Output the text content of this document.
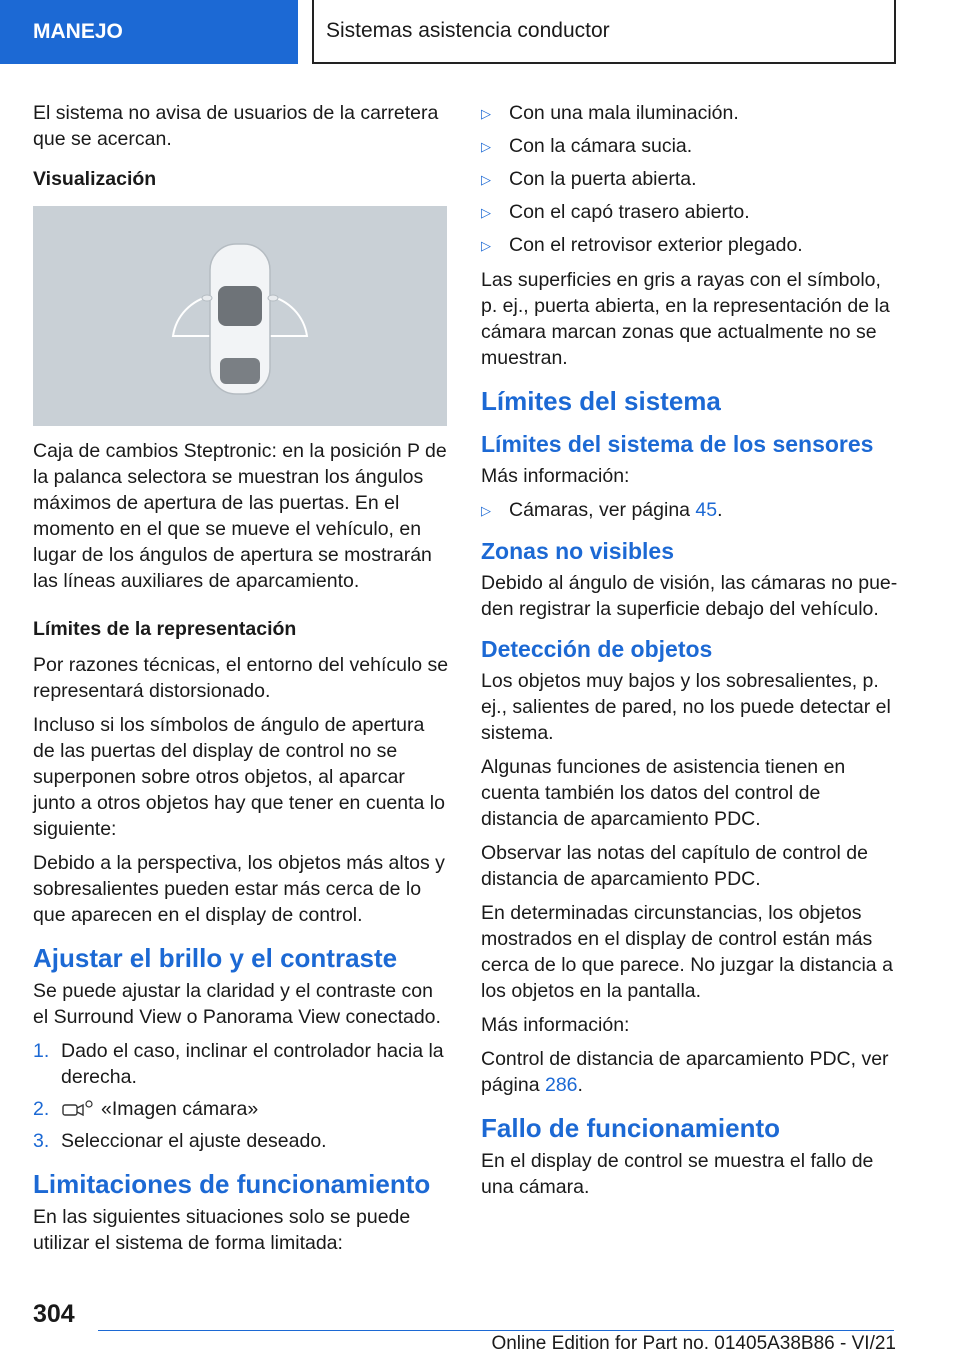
MANEJO	Sistemas asistencia conductor

El sistema no avisa de usuarios de la carretera que se acercan.

Visualización

Caja de cambios Steptronic: en la posición P de la palanca selectora se muestran los ángulos máximos de apertura de las puertas. En el momento en el que se mueve el vehículo, en lugar de los ángulos de apertura se mostrarán las líneas auxiliares de aparcamiento.

Límites de la representación

Por razones técnicas, el entorno del vehículo se representará distorsionado.

Incluso si los símbolos de ángulo de apertura de las puertas del display de control no se superponen sobre otros objetos, al aparcar junto a otros objetos hay que tener en cuenta lo siguiente:

Debido a la perspectiva, los objetos más altos y sobresalientes pueden estar más cerca de lo que aparecen en el display de control.

Ajustar el brillo y el contraste

Se puede ajustar la claridad y el contraste con el Surround View o Panorama View conectado.

1. Dado el caso, inclinar el controlador hacia la derecha.
2.	«Imagen cámara»
3. Seleccionar el ajuste deseado.
Limitaciones de funcionamiento

En las siguientes situaciones solo se puede utilizar el sistema de forma limitada:

▷ Con una mala iluminación.
▷ Con la cámara sucia.
▷ Con la puerta abierta.
▷ Con el capó trasero abierto.
▷ Con el retrovisor exterior plegado.

Las superficies en gris a rayas con el símbolo, p. ej., puerta abierta, en la representación de la cámara marcan zonas que actualmente no se muestran.

Límites del sistema
Límites del sistema de los sensores

Más información:

▷ Cámaras, ver página 45.
Zonas no visibles

Debido al ángulo de visión, las cámaras no pueden registrar la superficie debajo del vehículo.

Detección de objetos

Los objetos muy bajos y los sobresalientes, p. ej., salientes de pared, no los puede detectar el sistema.

Algunas funciones de asistencia tienen en cuenta también los datos del control de distancia de aparcamiento PDC.

Observar las notas del capítulo de control de distancia de aparcamiento PDC.

En determinadas circunstancias, los objetos mostrados en el display de control están más cerca de lo que parece. No juzgar la distancia a los objetos en la pantalla.

Más información:

Control de distancia de aparcamiento PDC, ver página 286.

Fallo de funcionamiento

En el display de control se muestra el fallo de una cámara.

304
Online Edition for Part no. 01405A38B86 - VI/21
